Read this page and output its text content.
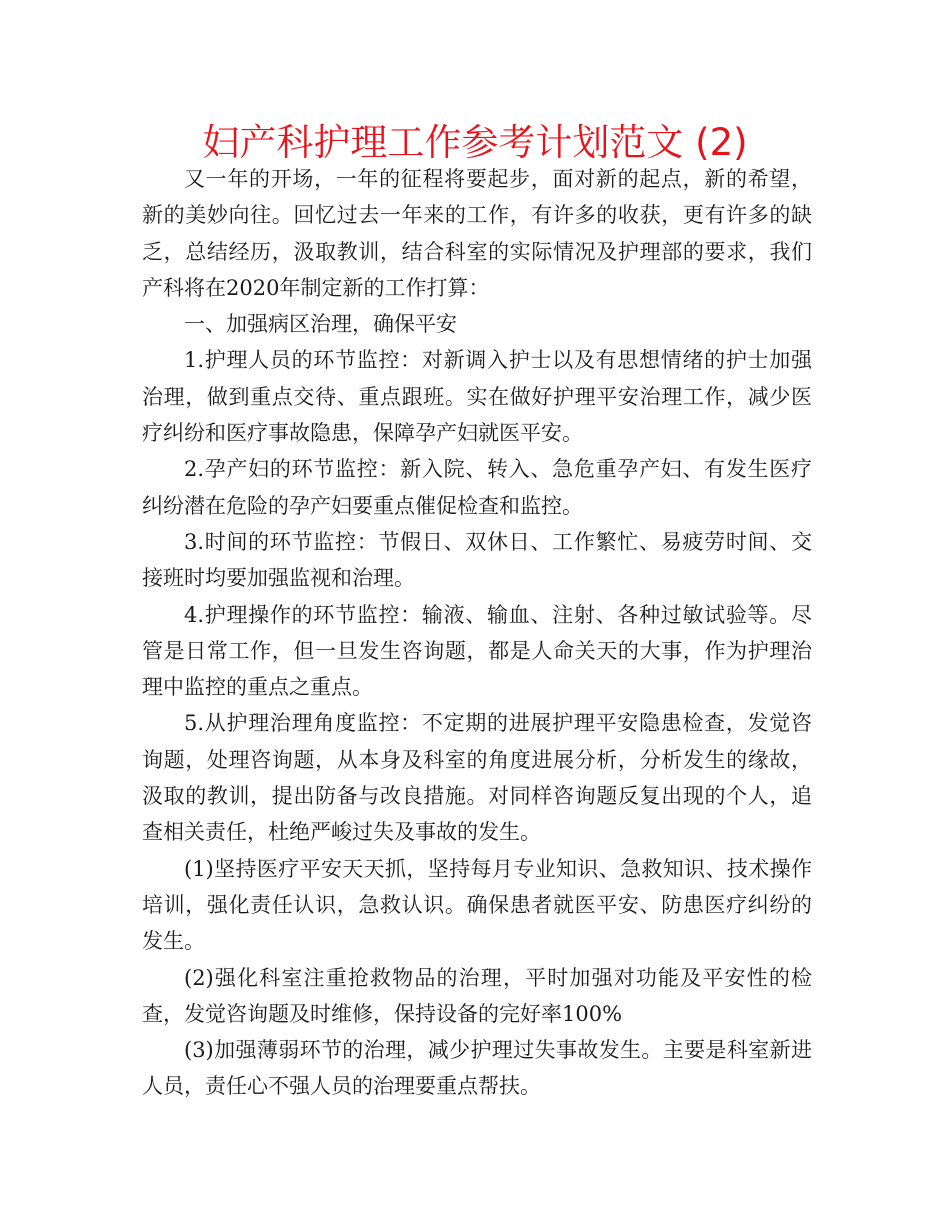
妇产科护理工作参考计划范文 (2)

又一年的开场，一年的征程将要起步，面对新的起点，新的希望，新的美妙向往。回忆过去一年来的工作，有许多的收获，更有许多的缺乏，总结经历，汲取教训，结合科室的实际情况及护理部的要求，我们产科将在2020年制定新的工作打算：

一、加强病区治理，确保平安

1.护理人员的环节监控：对新调入护士以及有思想情绪的护士加强治理，做到重点交待、重点跟班。实在做好护理平安治理工作，减少医疗纠纷和医疗事故隐患，保障孕产妇就医平安。

2.孕产妇的环节监控：新入院、转入、急危重孕产妇、有发生医疗纠纷潜在危险的孕产妇要重点催促检查和监控。

3.时间的环节监控：节假日、双休日、工作繁忙、易疲劳时间、交接班时均要加强监视和治理。

4.护理操作的环节监控：输液、输血、注射、各种过敏试验等。尽管是日常工作，但一旦发生咨询题，都是人命关天的大事，作为护理治理中监控的重点之重点。

5.从护理治理角度监控：不定期的进展护理平安隐患检查，发觉咨询题，处理咨询题，从本身及科室的角度进展分析，分析发生的缘故，汲取的教训，提出防备与改良措施。对同样咨询题反复出现的个人，追查相关责任，杜绝严峻过失及事故的发生。

(1)坚持医疗平安天天抓，坚持每月专业知识、急救知识、技术操作培训，强化责任认识，急救认识。确保患者就医平安、防患医疗纠纷的发生。

(2)强化科室注重抢救物品的治理，平时加强对功能及平安性的检查，发觉咨询题及时维修，保持设备的完好率100%

(3)加强薄弱环节的治理，减少护理过失事故发生。主要是科室新进人员，责任心不强人员的治理要重点帮扶。
